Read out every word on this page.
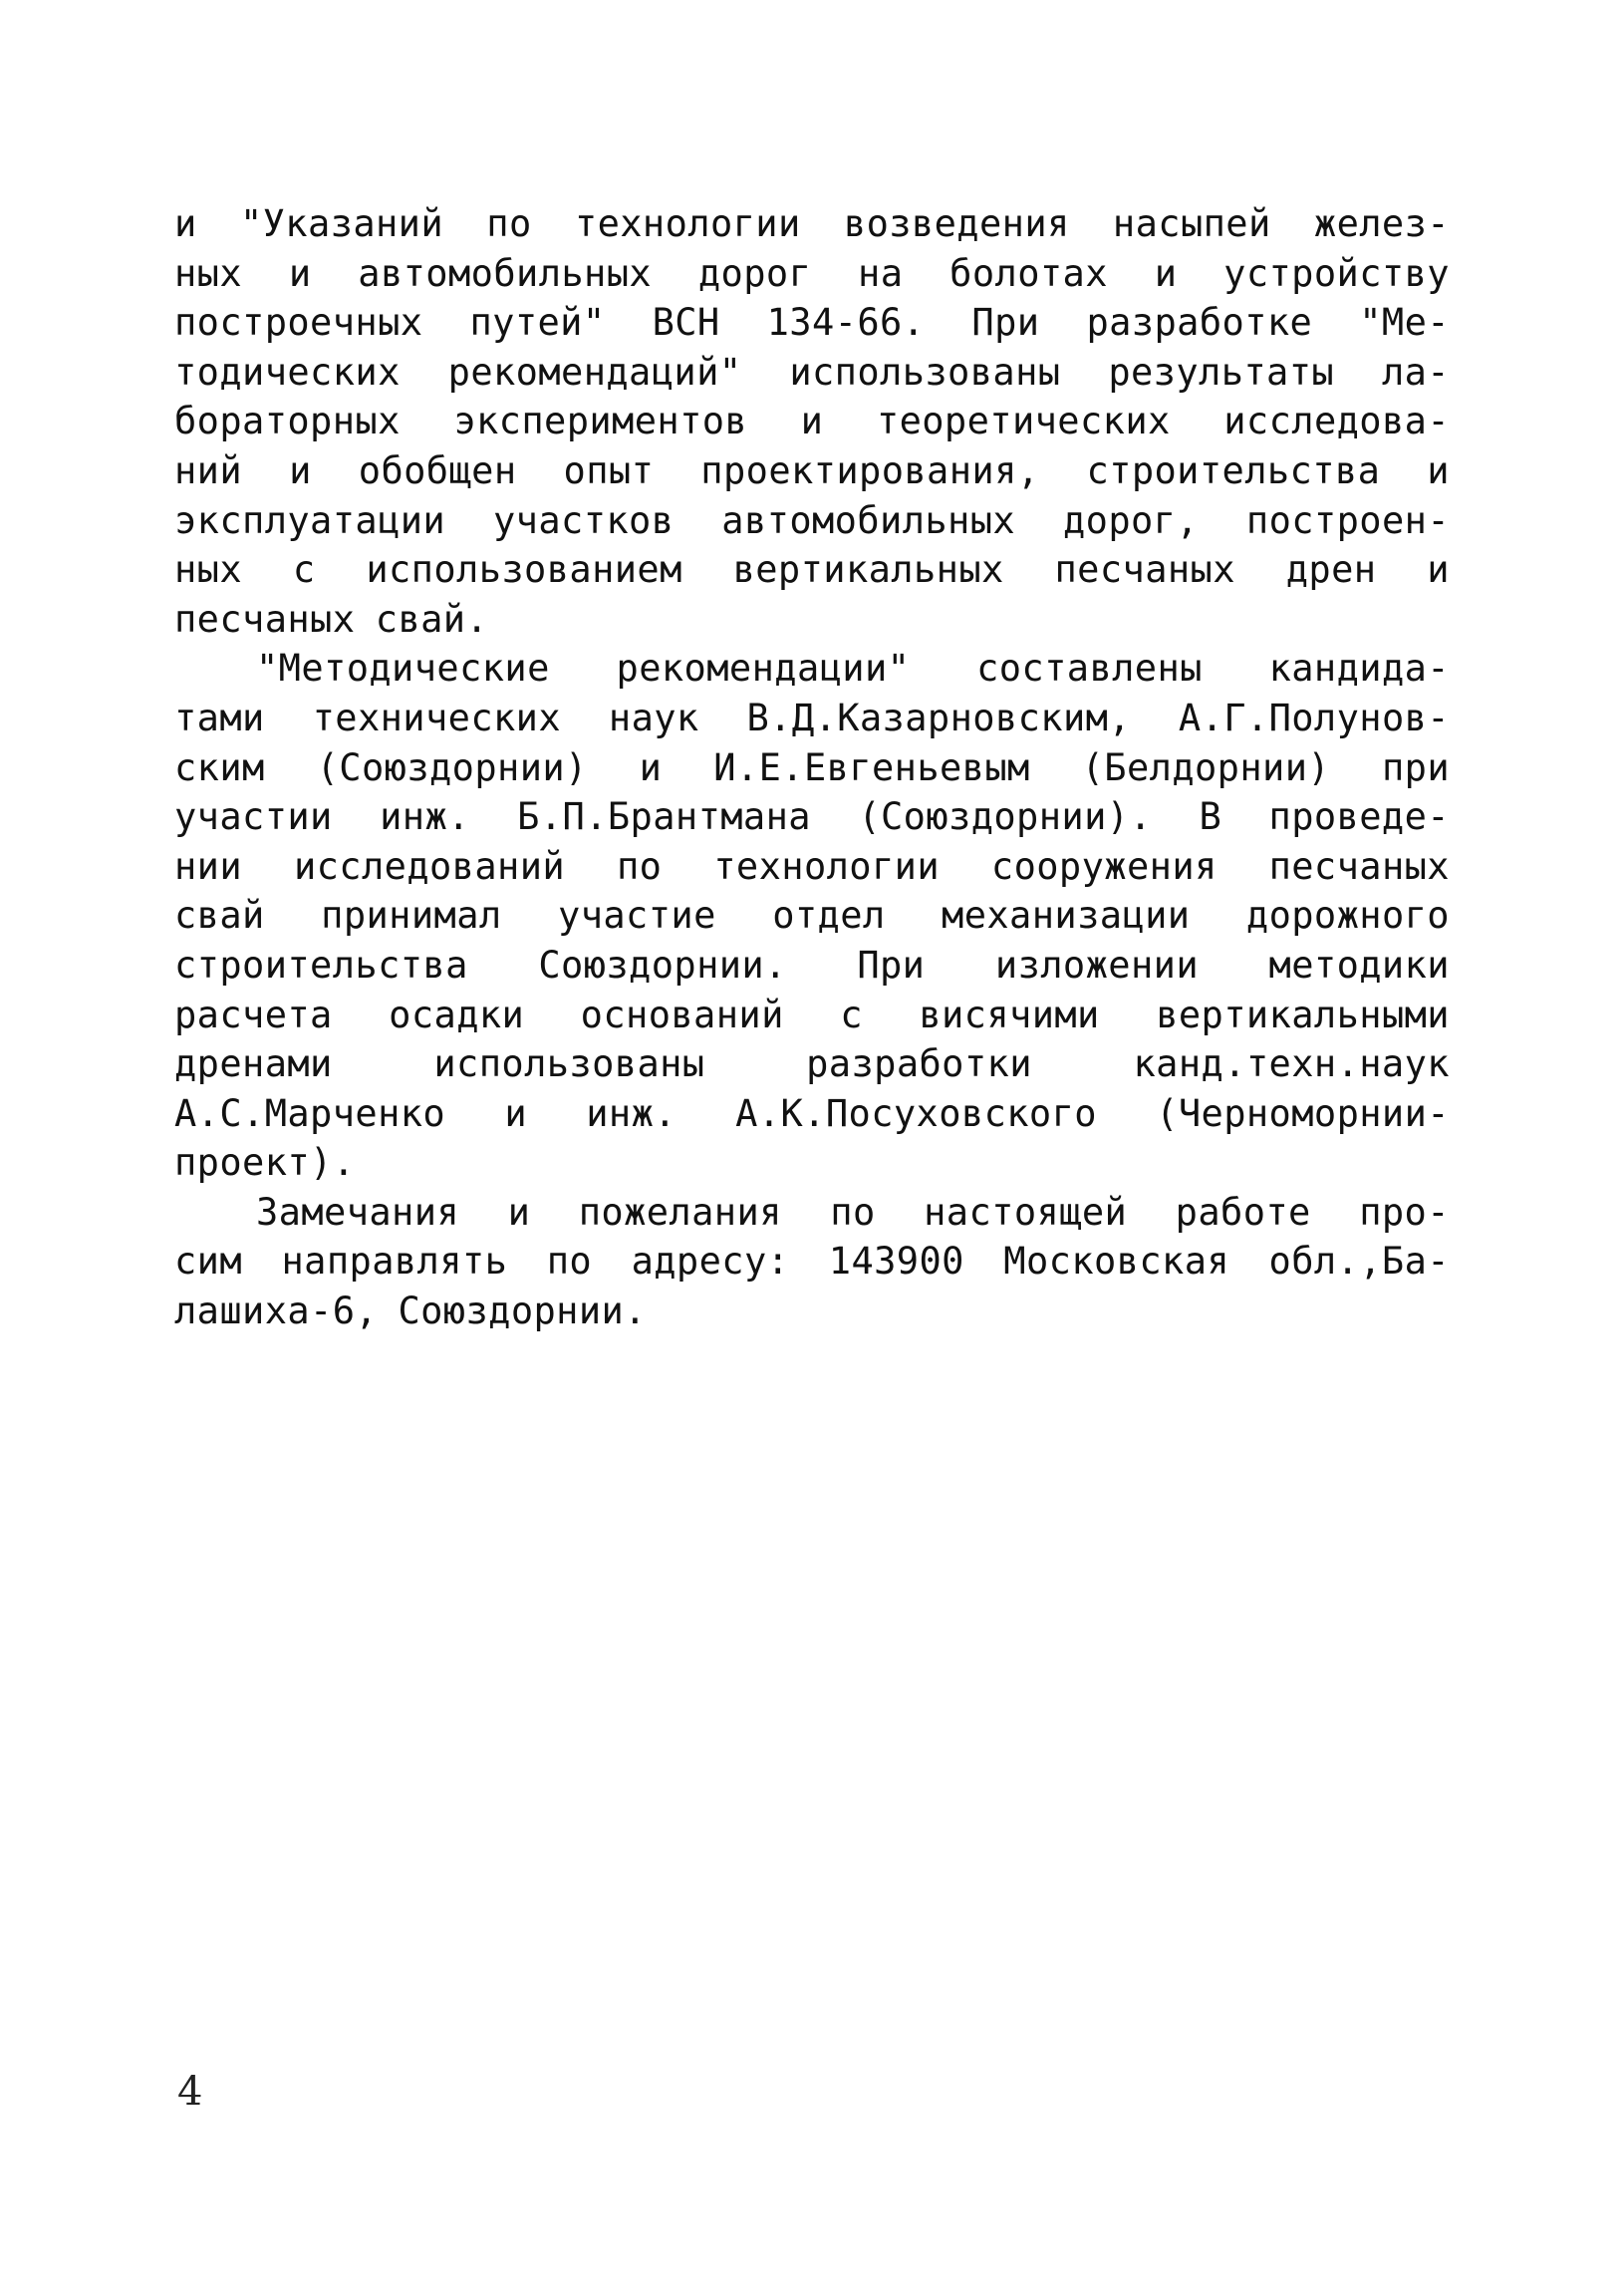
и "Указаний по технологии возведения насыпей желез-
ных и автомобильных дорог на болотах и устройству
построечных путей" ВСН 134-66. При разработке "Ме-
тодических рекомендаций" использованы результаты ла-
бораторных экспериментов и теоретических исследова-
ний и обобщен опыт проектирования, строительства и
эксплуатации участков автомобильных дорог, построен-
ных с использованием вертикальных песчаных дрен и
песчаных свай.
"Методические рекомендации" составлены кандида-
тами технических наук В.Д.Казарновским, А.Г.Полунов-
ским (Союздорнии) и И.Е.Евгеньевым (Белдорнии) при
участии инж. Б.П.Брантмана (Союздорнии). В проведе-
нии исследований по технологии сооружения песчаных
свай принимал участие отдел механизации дорожного
строительства Союздорнии. При изложении методики
расчета осадки оснований с висячими вертикальными
дренами	использованы	разработки	канд.техн.наук
А.С.Марченко и инж. А.К.Посуховского (Черноморнии-
проект).
Замечания и пожелания по настоящей работе про-
сим направлять по адресу: 143900 Московская обл.,Ба-
лашиха-6, Союздорнии.
4
